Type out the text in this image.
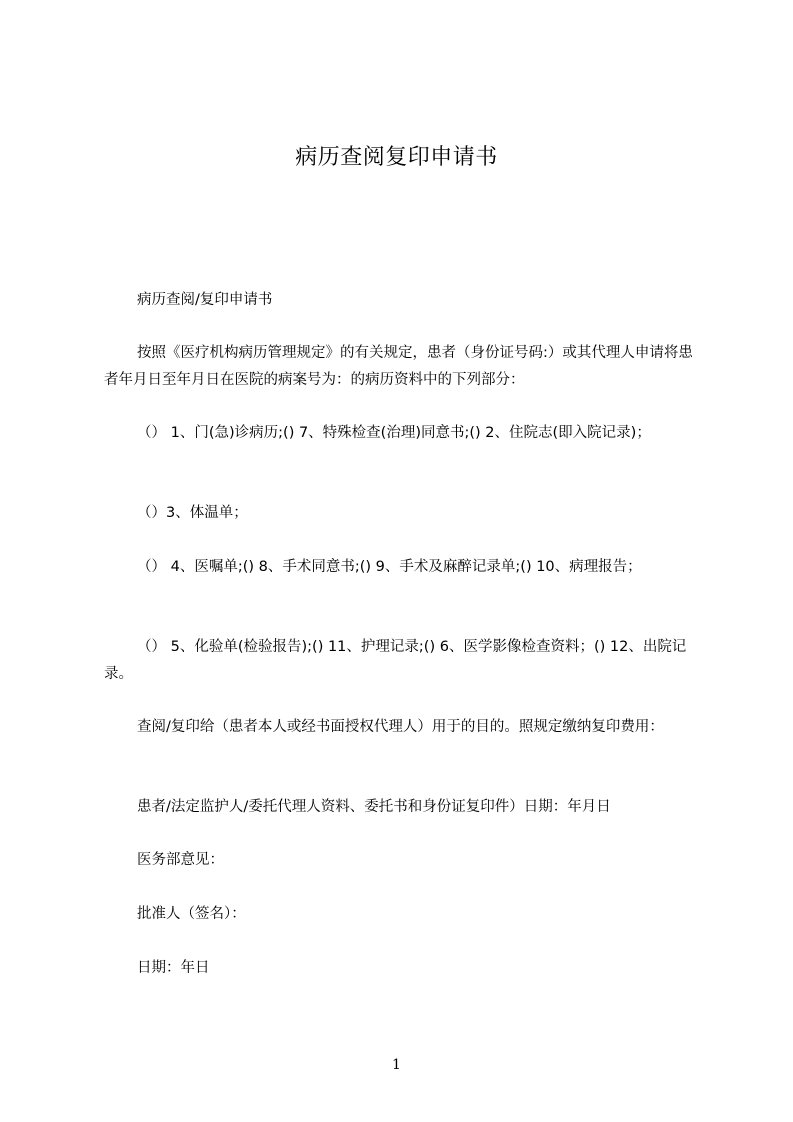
病历查阅复印申请书
病历查阅/复印申请书
按照《医疗机构病历管理规定》的有关规定，患者（身份证号码:）或其代理人申请将患者年月日至年月日在医院的病案号为：的病历资料中的下列部分：
（） 1、门(急)诊病历;() 7、特殊检查(治理)同意书;() 2、住院志(即入院记录)；
（）3、体温单；
（） 4、医嘱单;() 8、手术同意书;() 9、手术及麻醉记录单;() 10、病理报告；
（） 5、化验单(检验报告);() 11、护理记录;() 6、医学影像检查资料；() 12、出院记录。
查阅/复印给（患者本人或经书面授权代理人）用于的目的。照规定缴纳复印费用：
患者/法定监护人/委托代理人资料、委托书和身份证复印件）日期：年月日
医务部意见：
批准人（签名）：
日期：年日
1
